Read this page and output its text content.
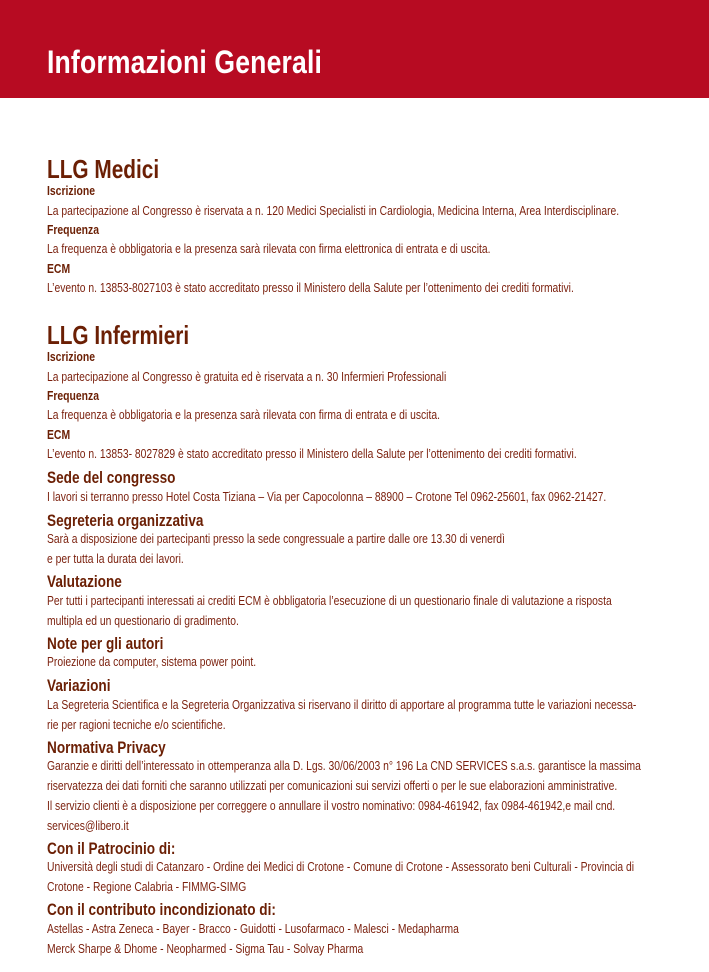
Informazioni Generali
LLG Medici
Iscrizione
La partecipazione al Congresso è riservata a n. 120 Medici Specialisti in Cardiologia, Medicina Interna, Area Interdisciplinare.
Frequenza
La frequenza è obbligatoria e la presenza sarà rilevata con firma elettronica di entrata e di uscita.
ECM
L’evento n. 13853-8027103 è stato accreditato presso il Ministero della Salute per l’ottenimento dei crediti formativi.
LLG Infermieri
Iscrizione
La partecipazione al Congresso è gratuita ed è riservata a n. 30 Infermieri Professionali
Frequenza
La frequenza è obbligatoria e la presenza sarà rilevata con firma di entrata e di uscita.
ECM
L’evento n. 13853- 8027829 è stato accreditato presso il Ministero della Salute per l’ottenimento dei crediti formativi.
Sede del congresso
I lavori si terranno presso Hotel Costa Tiziana – Via per Capocolonna – 88900 – Crotone Tel 0962-25601, fax 0962-21427.
Segreteria organizzativa
Sarà a disposizione dei partecipanti presso la sede congressuale a partire dalle ore 13.30 di venerdì
e per tutta la durata dei lavori.
Valutazione
Per tutti i partecipanti interessati ai crediti ECM è obbligatoria l’esecuzione di un questionario finale di valutazione a risposta
multipla ed un questionario di gradimento.
Note per gli autori
Proiezione da computer, sistema power point.
Variazioni
La Segreteria Scientifica e la Segreteria Organizzativa si riservano il diritto di apportare al programma tutte le variazioni necessa-
rie per ragioni tecniche e/o scientifiche.
Normativa Privacy
Garanzie e diritti dell’interessato in ottemperanza alla D. Lgs. 30/06/2003 n° 196 La CND SERVICES s.a.s. garantisce la massima
riservatezza dei dati forniti che saranno utilizzati per comunicazioni sui servizi offerti o per le sue elaborazioni amministrative.
Il servizio clienti è a disposizione per correggere o annullare il vostro nominativo: 0984-461942, fax 0984-461942,e mail cnd.
services@libero.it
Con il Patrocinio di:
Università degli studi di Catanzaro - Ordine dei Medici di Crotone - Comune di Crotone - Assessorato beni Culturali - Provincia di
Crotone - Regione Calabria - FIMMG-SIMG
Con il contributo incondizionato di:
Astellas - Astra Zeneca - Bayer - Bracco - Guidotti - Lusofarmaco - Malesci - Medapharma
Merck Sharpe & Dhome - Neopharmed - Sigma Tau - Solvay Pharma
